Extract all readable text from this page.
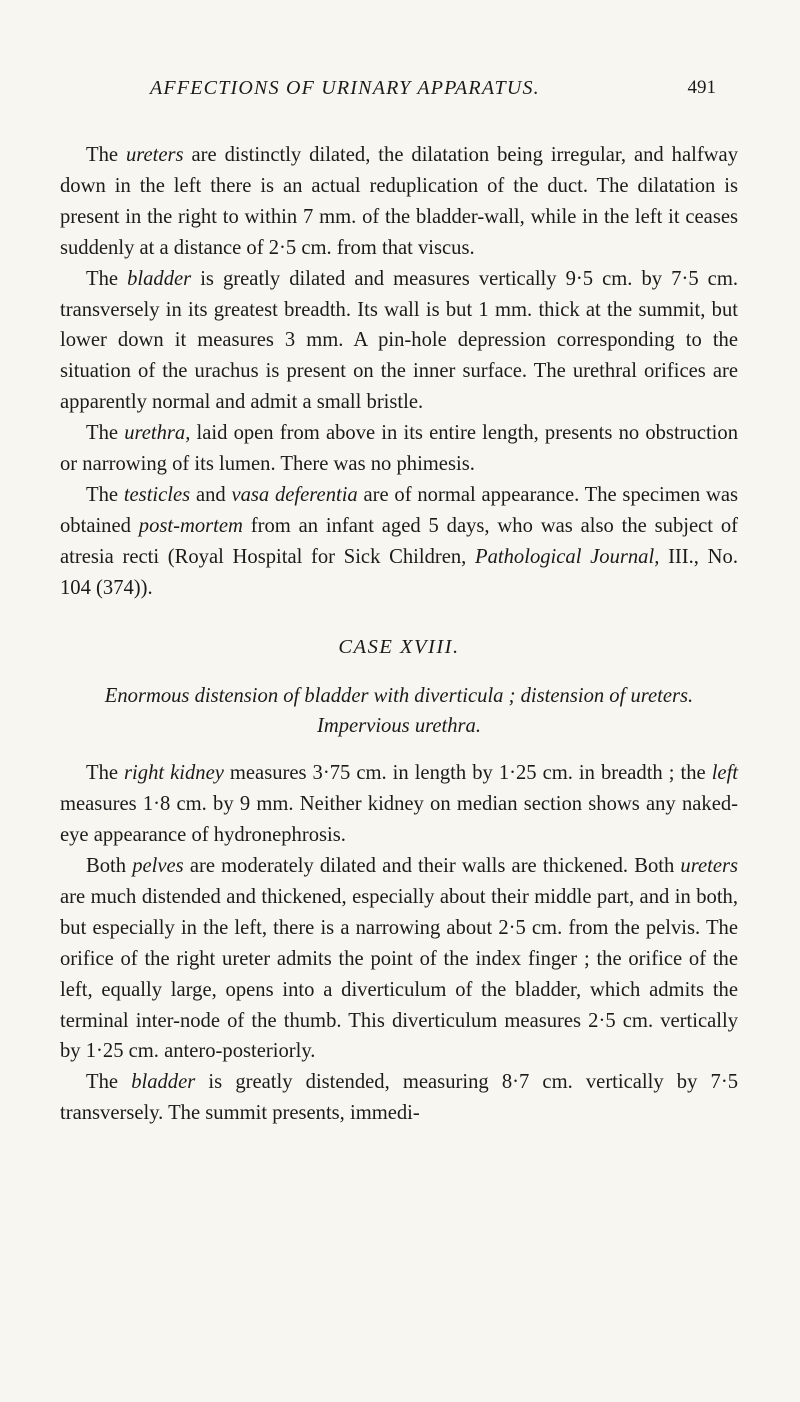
AFFECTIONS OF URINARY APPARATUS.	491

The ureters are distinctly dilated, the dilatation being irregular, and halfway down in the left there is an actual reduplication of the duct. The dilatation is present in the right to within 7 mm. of the bladder-wall, while in the left it ceases suddenly at a distance of 2·5 cm. from that viscus.

The bladder is greatly dilated and measures vertically 9·5 cm. by 7·5 cm. transversely in its greatest breadth. Its wall is but 1 mm. thick at the summit, but lower down it measures 3 mm. A pin-hole depression corresponding to the situation of the urachus is present on the inner surface. The urethral orifices are apparently normal and admit a small bristle.

The urethra, laid open from above in its entire length, presents no obstruction or narrowing of its lumen. There was no phimesis.

The testicles and vasa deferentia are of normal appearance. The specimen was obtained post-mortem from an infant aged 5 days, who was also the subject of atresia recti (Royal Hospital for Sick Children, Pathological Journal, III., No. 104 (374)).

CASE XVIII.
Enormous distension of bladder with diverticula ; distension of ureters. Impervious urethra.

The right kidney measures 3·75 cm. in length by 1·25 cm. in breadth ; the left measures 1·8 cm. by 9 mm. Neither kidney on median section shows any naked-eye appearance of hydronephrosis.

Both pelves are moderately dilated and their walls are thickened. Both ureters are much distended and thickened, especially about their middle part, and in both, but especially in the left, there is a narrowing about 2·5 cm. from the pelvis. The orifice of the right ureter admits the point of the index finger ; the orifice of the left, equally large, opens into a diverticulum of the bladder, which admits the terminal inter-node of the thumb. This diverticulum measures 2·5 cm. vertically by 1·25 cm. antero-posteriorly.

The bladder is greatly distended, measuring 8·7 cm. vertically by 7·5 transversely. The summit presents, immedi-
